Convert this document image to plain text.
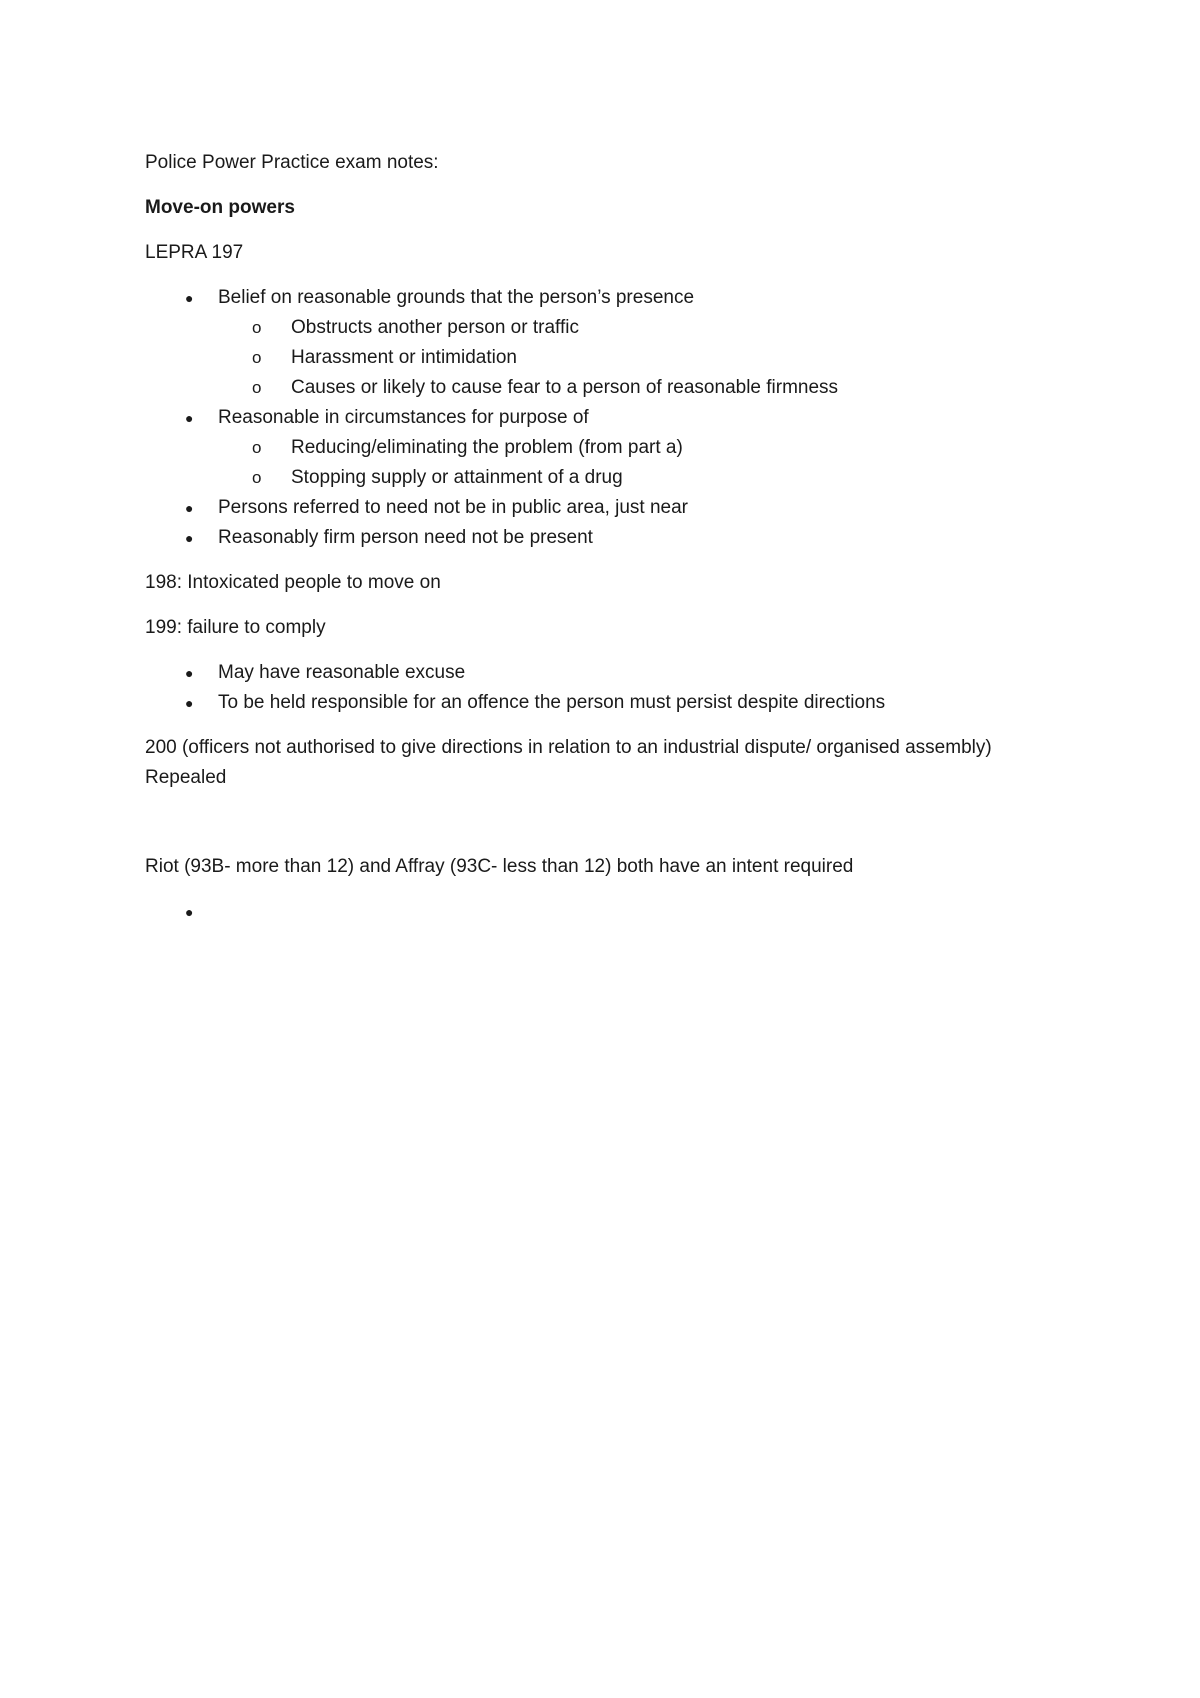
Police Power Practice exam notes:

Move-on powers

LEPRA 197

●	Belief on reasonable grounds that the person’s presence
o Obstructs another person or traffic
o Harassment or intimidation
o Causes or likely to cause fear to a person of reasonable firmness
●	Reasonable in circumstances for purpose of
o Reducing/eliminating the problem (from part a)
o Stopping supply or attainment of a drug
●	Persons referred to need not be in public area, just near
●	Reasonably firm person need not be present

198: Intoxicated people to move on

199: failure to comply

●	May have reasonable excuse
●	To be held responsible for an offence the person must persist despite directions

200 (officers not authorised to give directions in relation to an industrial dispute/ organised assembly) Repealed

Riot (93B- more than 12) and Affray (93C- less than 12) both have an intent required

●
